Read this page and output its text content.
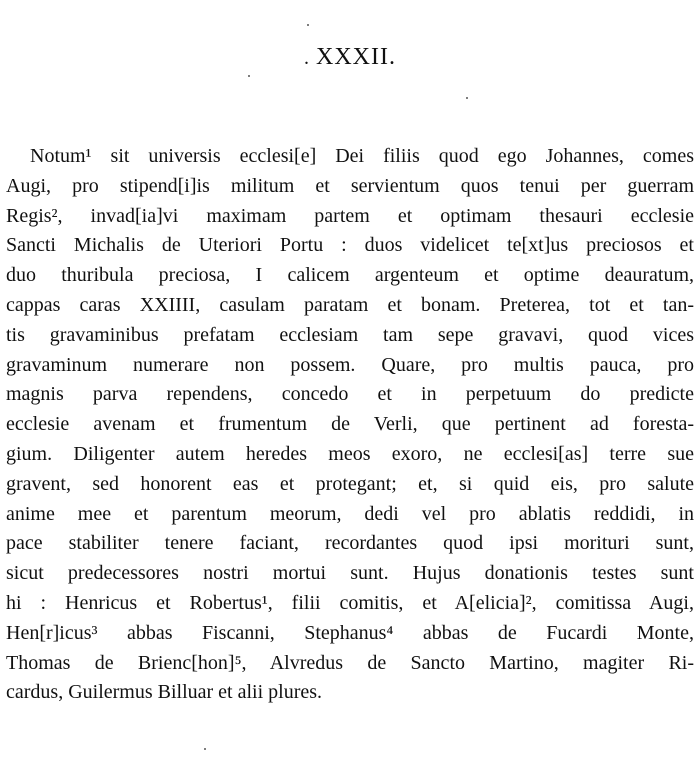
. XXXII.
Notum¹ sit universis ecclesi[e] Dei filiis quod ego Johannes, comes
Augi, pro stipend[i]is militum et servientum quos tenui per guerram
Regis², invad[ia]vi maximam partem et optimam thesauri ecclesie
Sancti Michalis de Uteriori Portu : duos videlicet te[xt]us preciosos et
duo thuribula preciosa, I calicem argenteum et optime deauratum,
cappas caras XXIIII, casulam paratam et bonam. Preterea, tot et tan-
tis gravaminibus prefatam ecclesiam tam sepe gravavi, quod vices
gravaminum numerare non possem. Quare, pro multis pauca, pro
magnis parva rependens, concedo et in perpetuum do predicte
ecclesie avenam et frumentum de Verli, que pertinent ad foresta-
gium. Diligenter autem heredes meos exoro, ne ecclesi[as] terre sue
gravent, sed honorent eas et protegant; et, si quid eis, pro salute
anime mee et parentum meorum, dedi vel pro ablatis reddidi, in
pace stabiliter tenere faciant, recordantes quod ipsi morituri sunt,
sicut predecessores nostri mortui sunt. Hujus donationis testes sunt
hi : Henricus et Robertus¹, filii comitis, et A[elicia]², comitissa Augi,
Hen[r]icus³ abbas Fiscanni, Stephanus⁴ abbas de Fucardi Monte,
Thomas de Brienc[hon]⁵, Alvredus de Sancto Martino, magiter Ri-
cardus, Guilermus Billuar et alii plures.
